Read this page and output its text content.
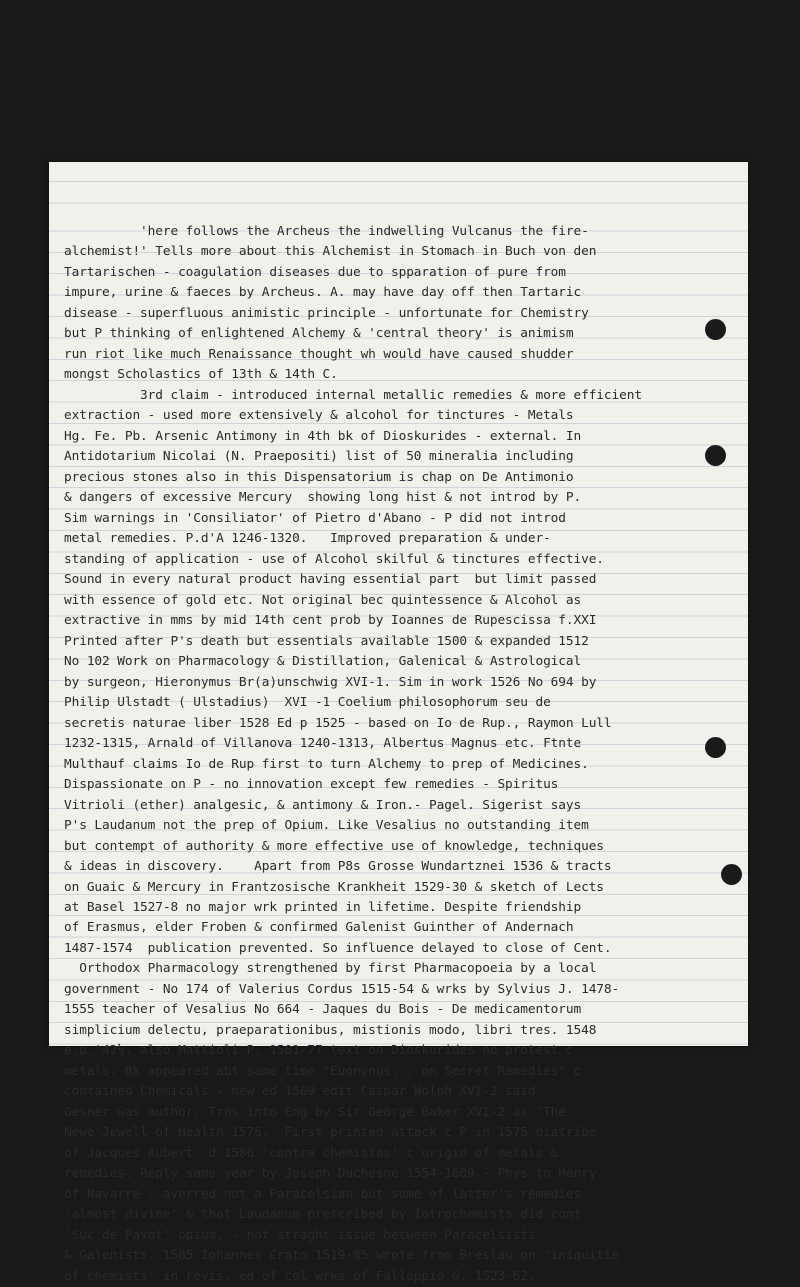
'here follows the Archeus the indwelling Vulcanus the fire-
alchemist!' Tells more about this Alchemist in Stomach in Buch von den
Tartarischen - coagulation diseases due to spparation of pure from
impure, urine & faeces by Archeus. A. may have day off then Tartaric
disease - superfluous animistic principle - unfortunate for Chemistry
but P thinking of enlightened Alchemy & 'central theory' is animism
run riot like much Renaissance thought wh would have caused shudder
mongst Scholastics of 13th & 14th C.
3rd claim - introduced internal metallic remedies & more efficient
extraction - used more extensively & alcohol for tinctures - Metals
Hg. Fe. Pb. Arsenic Antimony in 4th bk of Dioskurides - external. In
Antidotarium Nicolai (N. Praepositi) list of 50 mineralia including
precious stones also in this Dispensatorium is chap on De Antimonio
& dangers of excessive Mercury  showing long hist & not introd by P.
Sim warnings in 'Consiliator' of Pietro d'Abano - P did not introd
metal remedies. P.d'A 1246-1320.   Improved preparation & under-
standing of application - use of Alcohol skilful & tinctures effective.
Sound in every natural product having essential part  but limit passed
with essence of gold etc. Not original bec quintessence & Alcohol as
extractive in mms by mid 14th cent prob by Ioannes de Rupescissa f.XXI
Printed after P's death but essentials available 1500 & expanded 1512
No 102 Work on Pharmacology & Distillation, Galenical & Astrological
by surgeon, Hieronymus Br(a)unschwig XVI-1. Sim in work 1526 No 694 by
Philip Ulstadt ( Ulstadius)  XVI -1 Coelium philosophorum seu de
secretis naturae liber 1528 Ed p 1525 - based on Io de Rup., Raymon Lull
1232-1315, Arnald of Villanova 1240-1313, Albertus Magnus etc. Ftnte
Multhauf claims Io de Rup first to turn Alchemy to prep of Medicines.
Dispassionate on P - no innovation except few remedies - Spiritus
Vitrioli (ether) analgesic, & antimony & Iron.- Pagel. Sigerist says
P's Laudanum not the prep of Opium. Like Vesalius no outstanding item
but contempt of authority & more effective use of knowledge, techniques
& ideas in discovery.    Apart from P8s Grosse Wundartznei 1536 & tracts
on Guaic & Mercury in Frantzosische Krankheit 1529-30 & sketch of Lects
at Basel 1527-8 no major wrk printed in lifetime. Despite friendship
of Erasmus, elder Froben & confirmed Galenist Guinther of Andernach
1487-1574  publication prevented. So influence delayed to close of Cent.
Orthodox Pharmacology strengthened by first Pharmacopoeia by a local
government - No 174 of Valerius Cordus 1515-54 & wrks by Sylvius J. 1478-
1555 teacher of Vesalius No 664 - Jaques du Bois - De medicamentorum
simplicium delectu, praeparationibus, mistionis modo, libri tres. 1548
e.p.'42½. also Mattioli P. 1501-77 text on Dioskurides no protest c
metals. Bk appeared abt same time "Euonynus... on Secret Remedies" c
contained Chemicals - new ed 1569 edit Caspar Wolph XVI-2 said
Gesner was author. Trns into Eng by Sir George Baker XVI-2 as "The
Newe Jewell of Health 1576.  First printed attack c P in 1575 diatribe
of Jacques Aubert  d 1586 'contra chemistas' c origin of metals &
remedies. Reply same year by Joseph Duchesne 1554-1609.- Phys to Henry
of Navarre - averred not a Paracelsian but some of latter's remedies
'almost divine' & that Laudanum prescribed by Iotrochemists did cont
'Suc de Pavot' opium. - not straght issue between Paracelsists
& Galenists. 1585 Iohannes Crato 1519-85 wrote from Breslau on 'iniquitie
of chemists' in revis. ed of col wrks of Falloppio G. 1523-62.
